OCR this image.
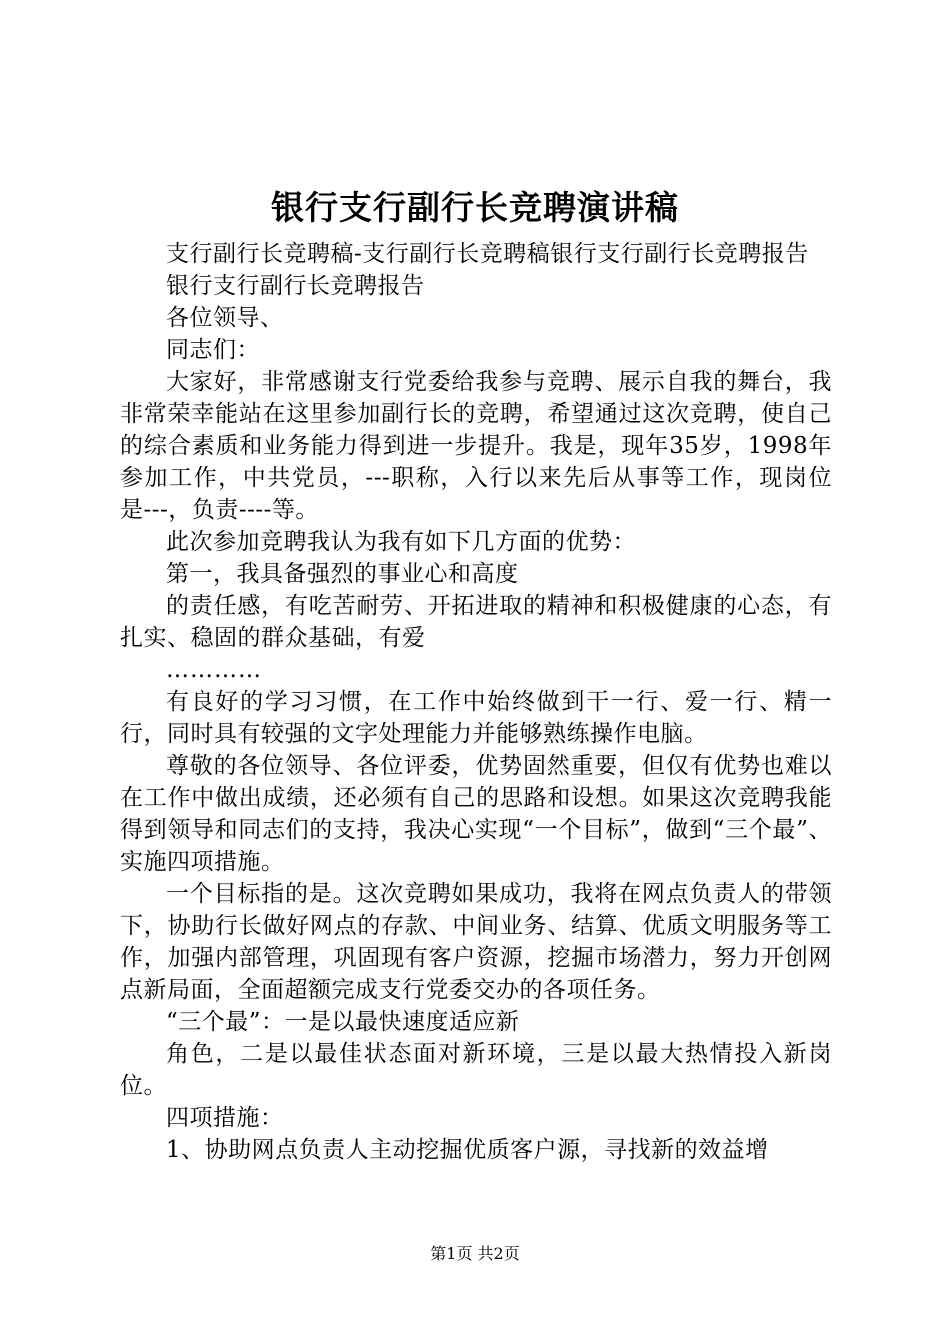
银行支行副行长竞聘演讲稿

支行副行长竞聘稿-支行副行长竞聘稿银行支行副行长竞聘报告

银行支行副行长竞聘报告

各位领导、

同志们：

大家好，非常感谢支行党委给我参与竞聘、展示自我的舞台，我非常荣幸能站在这里参加副行长的竞聘，希望通过这次竞聘，使自己的综合素质和业务能力得到进一步提升。我是，现年35岁，1998年参加工作，中共党员，---职称，入行以来先后从事等工作，现岗位是---，负责----等。

此次参加竞聘我认为我有如下几方面的优势：

第一，我具备强烈的事业心和高度

的责任感，有吃苦耐劳、开拓进取的精神和积极健康的心态，有扎实、稳固的群众基础，有爱

…………

有良好的学习习惯，在工作中始终做到干一行、爱一行、精一行，同时具有较强的文字处理能力并能够熟练操作电脑。

尊敬的各位领导、各位评委，优势固然重要，但仅有优势也难以在工作中做出成绩，还必须有自己的思路和设想。如果这次竞聘我能得到领导和同志们的支持，我决心实现“一个目标”，做到“三个最”、实施四项措施。

一个目标指的是。这次竞聘如果成功，我将在网点负责人的带领下，协助行长做好网点的存款、中间业务、结算、优质文明服务等工作，加强内部管理，巩固现有客户资源，挖掘市场潜力，努力开创网点新局面，全面超额完成支行党委交办的各项任务。

“三个最”：一是以最快速度适应新

角色，二是以最佳状态面对新环境，三是以最大热情投入新岗位。

四项措施：

1、协助网点负责人主动挖掘优质客户源，寻找新的效益增

第1页 共2页
